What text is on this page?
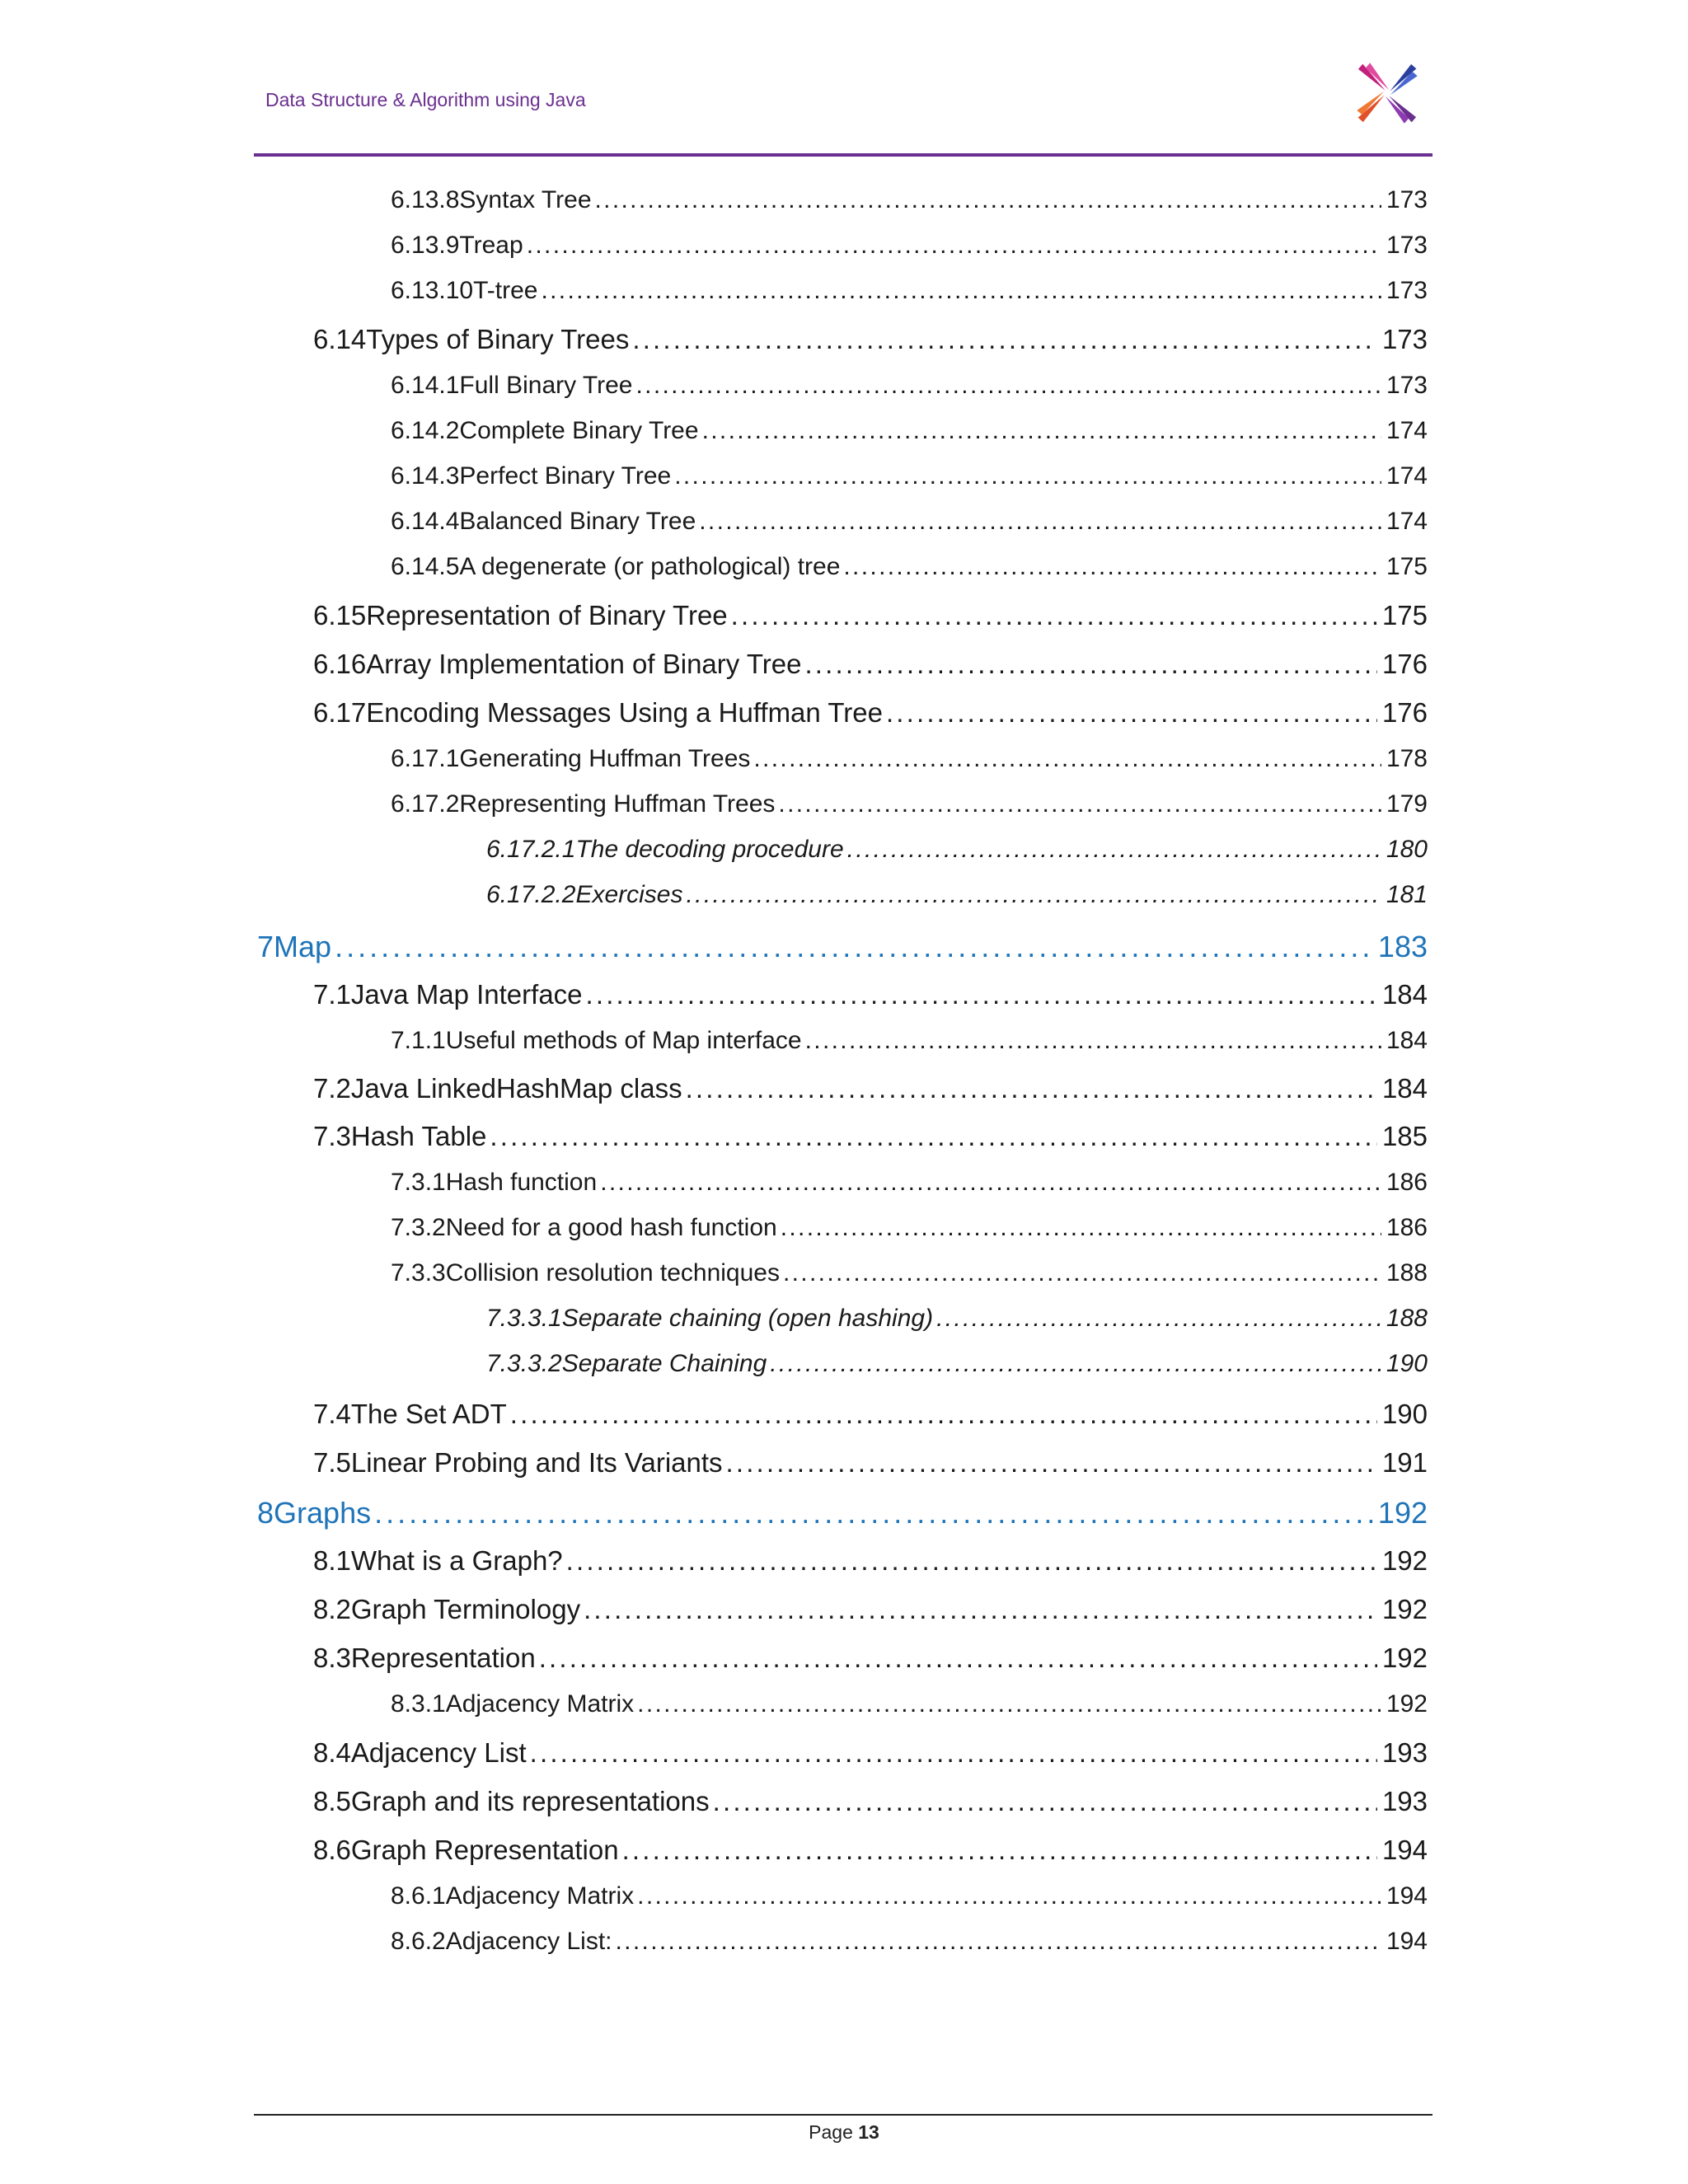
Data Structure & Algorithm using Java
6.13.8 Syntax Tree . . .	173
6.13.9 Treap . . .	173
6.13.10 T-tree . . .	173
6.14 Types of Binary Trees . . .	173
6.14.1 Full Binary Tree . . .	173
6.14.2 Complete Binary Tree . . .	174
6.14.3 Perfect Binary Tree . . .	174
6.14.4 Balanced Binary Tree . . .	174
6.14.5 A degenerate (or pathological) tree . . .	175
6.15 Representation of Binary Tree . . .	175
6.16 Array Implementation of Binary Tree . . .	176
6.17 Encoding Messages Using a Huffman Tree . . .	176
6.17.1 Generating Huffman Trees . . .	178
6.17.2 Representing Huffman Trees . . .	179
6.17.2.1 The decoding procedure . . .	180
6.17.2.2 Exercises . . .	181
7 Map . . .	183
7.1 Java Map Interface . . .	184
7.1.1 Useful methods of Map interface . . .	184
7.2 Java LinkedHashMap class . . .	184
7.3 Hash Table . . .	185
7.3.1 Hash function . . .	186
7.3.2 Need for a good hash function . . .	186
7.3.3 Collision resolution techniques . . .	188
7.3.3.1 Separate chaining (open hashing) . . .	188
7.3.3.2 Separate Chaining . . .	190
7.4 The Set ADT . . .	190
7.5 Linear Probing and Its Variants . . .	191
8 Graphs . . .	192
8.1 What is a Graph? . . .	192
8.2 Graph Terminology . . .	192
8.3 Representation . . .	192
8.3.1 Adjacency Matrix . . .	192
8.4 Adjacency List . . .	193
8.5 Graph and its representations . . .	193
8.6 Graph Representation . . .	194
8.6.1 Adjacency Matrix . . .	194
8.6.2 Adjacency List: . . .	194
Page 13
